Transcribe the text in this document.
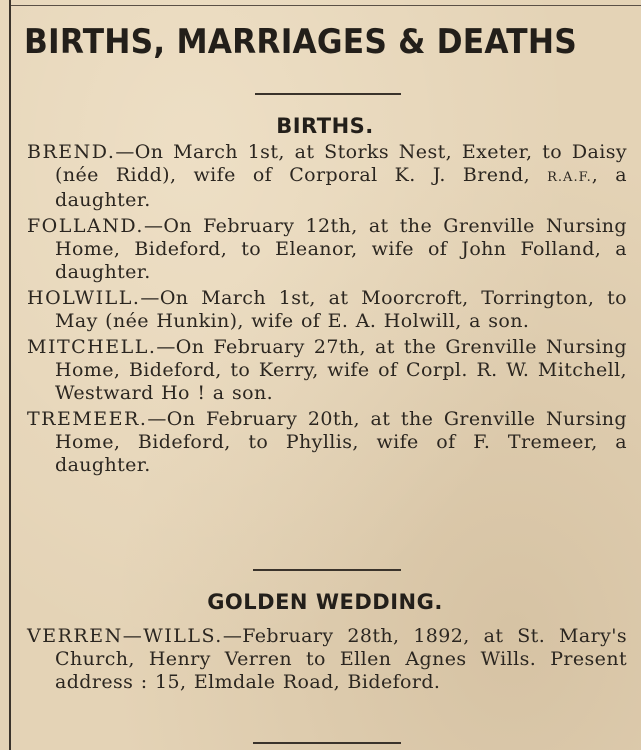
BIRTHS, MARRIAGES & DEATHS
BIRTHS.

BREND.—On March 1st, at Storks Nest, Exeter, to Daisy (née Ridd), wife of Corporal K. J. Brend, R.A.F., a daughter.

FOLLAND.—On February 12th, at the Grenville Nursing Home, Bideford, to Eleanor, wife of John Folland, a daughter.

HOLWILL.—On March 1st, at Moorcroft, Torrington, to May (née Hunkin), wife of E. A. Holwill, a son.

MITCHELL.—On February 27th, at the Grenville Nursing Home, Bideford, to Kerry, wife of Corpl. R. W. Mitchell, Westward Ho ! a son.

TREMEER.—On February 20th, at the Grenville Nursing Home, Bideford, to Phyllis, wife of F. Tremeer, a daughter.

GOLDEN WEDDING.

VERREN—WILLS.—February 28th, 1892, at St. Mary's Church, Henry Verren to Ellen Agnes Wills. Present address : 15, Elmdale Road, Bideford.
